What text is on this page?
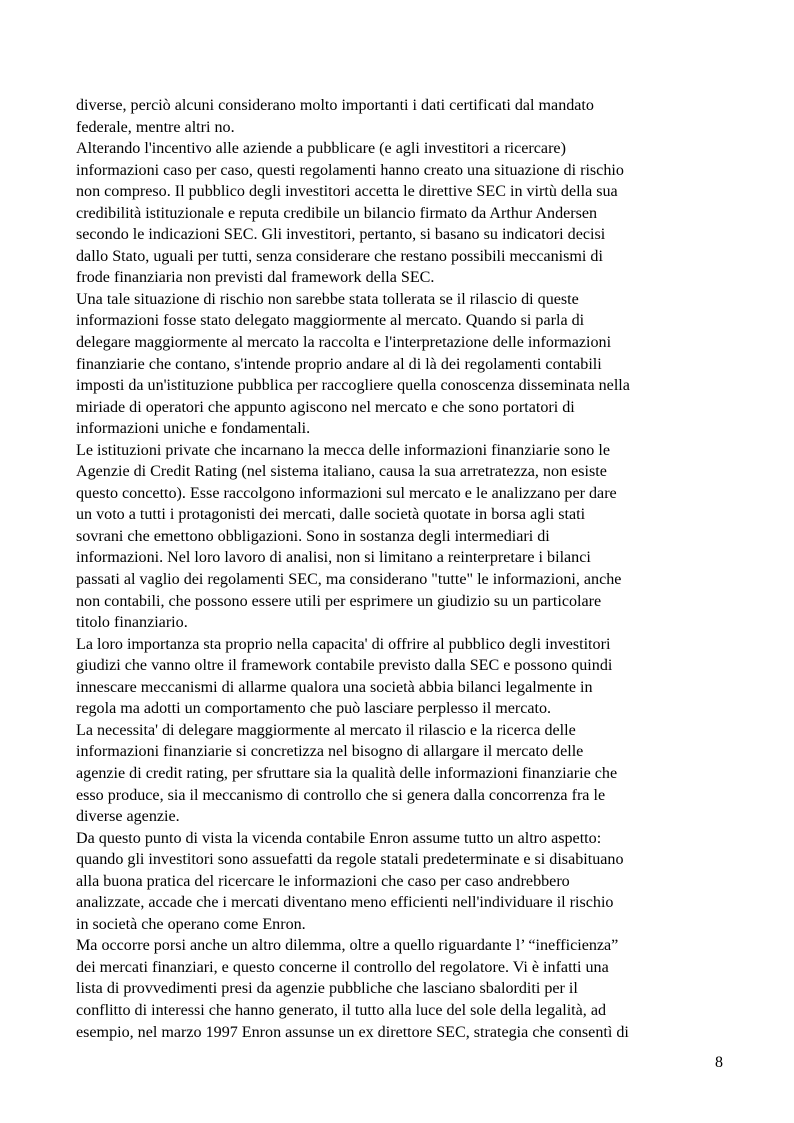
diverse, perciò alcuni considerano molto importanti i dati certificati dal mandato
federale, mentre altri no.
Alterando l'incentivo alle aziende a pubblicare (e agli investitori a ricercare)
informazioni caso per caso, questi regolamenti hanno creato una situazione di rischio
non compreso. Il pubblico degli investitori accetta le direttive SEC in virtù della sua
credibilità istituzionale e reputa credibile un bilancio firmato da Arthur Andersen
secondo le indicazioni SEC. Gli investitori, pertanto, si basano su indicatori decisi
dallo Stato, uguali per tutti, senza considerare che restano possibili meccanismi di
frode finanziaria non previsti dal framework della SEC.
Una tale situazione di rischio non sarebbe stata tollerata se il rilascio di queste
informazioni fosse stato delegato maggiormente al mercato. Quando si parla di
delegare maggiormente al mercato la raccolta e l'interpretazione delle informazioni
finanziarie che contano, s'intende proprio andare al di là dei regolamenti contabili
imposti da un'istituzione pubblica per raccogliere quella conoscenza disseminata nella
miriade di operatori che appunto agiscono nel mercato e che sono portatori di
informazioni uniche e fondamentali.
Le istituzioni private che incarnano la mecca delle informazioni finanziarie sono le
Agenzie di Credit Rating (nel sistema italiano, causa la sua arretratezza, non esiste
questo concetto). Esse raccolgono informazioni sul mercato e le analizzano per dare
un voto a tutti i protagonisti dei mercati, dalle società quotate in borsa agli stati
sovrani che emettono obbligazioni. Sono in sostanza degli intermediari di
informazioni. Nel loro lavoro di analisi, non si limitano a reinterpretare i bilanci
passati al vaglio dei regolamenti SEC, ma considerano "tutte" le informazioni, anche
non contabili, che possono essere utili per esprimere un giudizio su un particolare
titolo finanziario.
La loro importanza sta proprio nella capacita' di offrire al pubblico degli investitori
giudizi che vanno oltre il framework contabile previsto dalla SEC e possono quindi
innescare meccanismi di allarme qualora una società abbia bilanci legalmente in
regola ma adotti un comportamento che può lasciare perplesso il mercato.
La necessita' di delegare maggiormente al mercato il rilascio e la ricerca delle
informazioni finanziarie si concretizza nel bisogno di allargare il mercato delle
agenzie di credit rating, per sfruttare sia la qualità delle informazioni finanziarie che
esso produce, sia il meccanismo di controllo che si genera dalla concorrenza fra le
diverse agenzie.
Da questo punto di vista la vicenda contabile Enron assume tutto un altro aspetto:
quando gli investitori sono assuefatti da regole statali predeterminate e si disabituano
alla buona pratica del ricercare le informazioni che caso per caso andrebbero
analizzate, accade che i mercati diventano meno efficienti nell'individuare il rischio
in società che operano come Enron.
Ma occorre porsi anche un altro dilemma, oltre a quello riguardante l’ “inefficienza”
dei mercati finanziari, e questo concerne il controllo del regolatore. Vi è infatti una
lista di provvedimenti presi da agenzie pubbliche che lasciano sbalorditi per il
conflitto di interessi che hanno generato, il tutto alla luce del sole della legalità, ad
esempio, nel marzo 1997 Enron assunse un ex direttore SEC, strategia che consentì di
8
